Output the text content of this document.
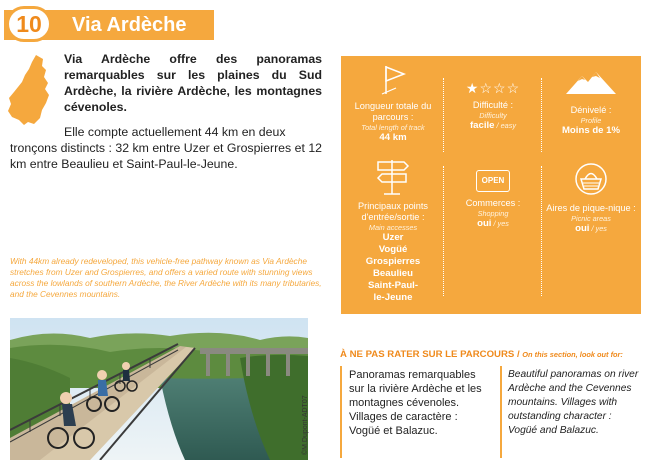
10 Via Ardèche
Via Ardèche offre des panoramas remarquables sur les plaines du Sud Ardèche, la rivière Ardèche, les montagnes cévenoles.
Elle compte actuellement 44 km en deux
tronçons distincts : 32 km entre Uzer et Grospierres et 12 km entre Beaulieu et Saint-Paul-le-Jeune.
With 44km already redeveloped, this vehicle-free pathway known as Via Ardèche stretches from Uzer and Grospierres, and offers a varied route with stunning views across the lowlands of southern Ardèche, the River Ardèche with its many tributaries, and the Cevennes mountains.
©M.Dupont-ADT07
Longueur totale du parcours :
Total length of track
44 km
★☆☆☆
Difficulté :
Difficulty
facile / easy
Dénivelé :
Profile
Moins de 1%
Principaux points d'entrée/sortie :
Main accesses
Uzer
Vogüé
Grospierres
Beaulieu
Saint-Paul-le-Jeune
OPEN
Commerces :
Shopping
oui / yes
Aires de pique-nique :
Picnic areas
oui / yes
À NE PAS RATER SUR LE PARCOURS / On this section, look out for:
Panoramas remarquables sur la rivière Ardèche et les montagnes cévenoles. Villages de caractère : Vogüé et Balazuc.
Beautiful panoramas on river Ardèche and the Cevennes mountains. Villages with outstanding character : Vogüé and Balazuc.
